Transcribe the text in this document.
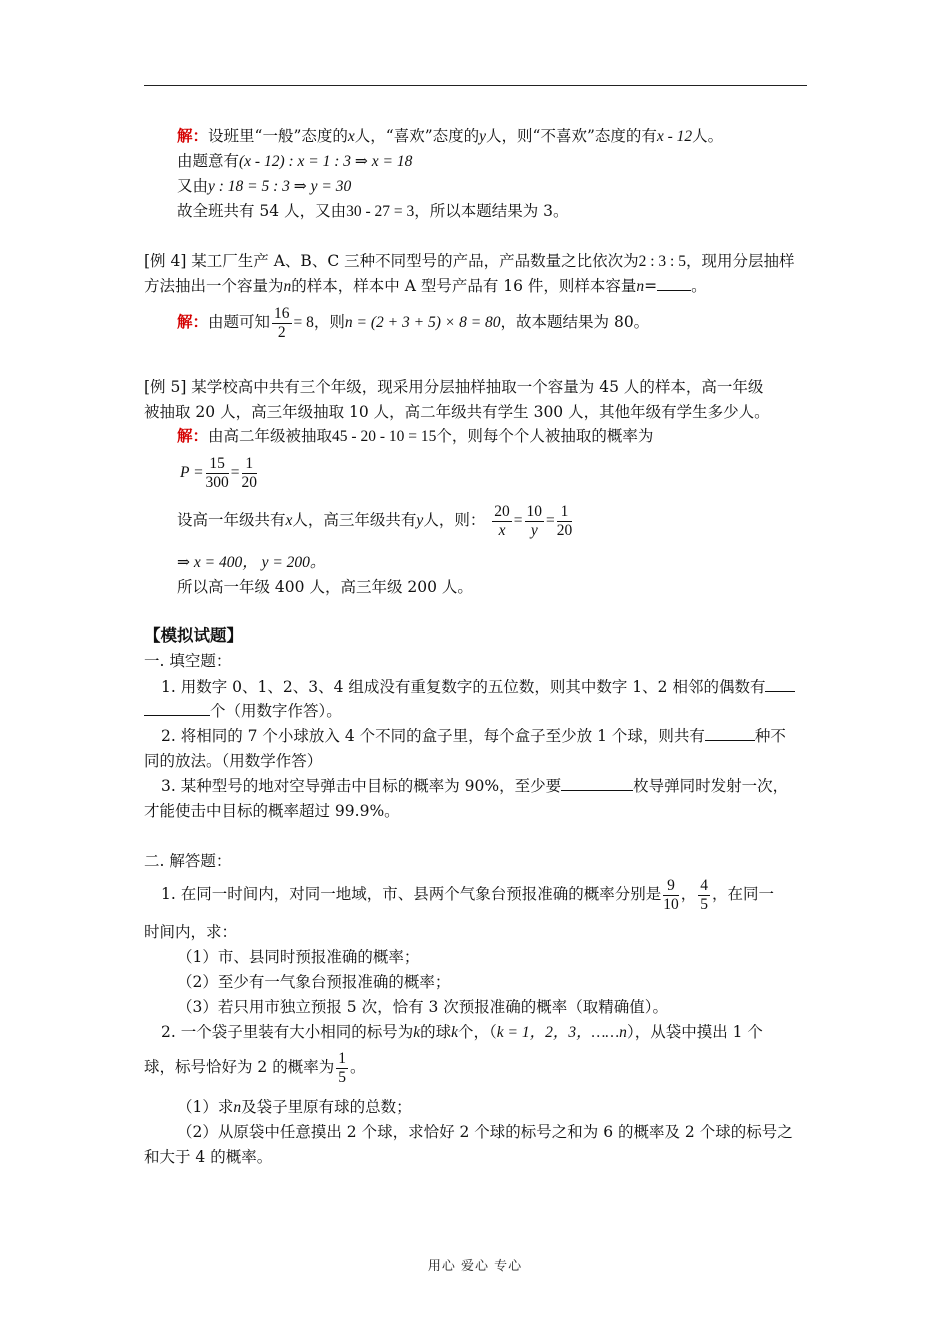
解：设班里“一般”态度的x人，“喜欢”态度的y人，则“不喜欢”态度的有x - 12人。
由题意有(x - 12) : x = 1 : 3 ⇒ x = 18
又由y : 18 = 5 : 3 ⇒ y = 30
故全班共有 54 人，又由30 - 27 = 3，所以本题结果为 3。
[例 4] 某工厂生产 A、B、C 三种不同型号的产品，产品数量之比依次为2 : 3 : 5，现用分层抽样
方法抽出一个容量为n的样本，样本中 A 型号产品有 16 件，则样本容量n= 。
解：由题可知 $\frac{16}{2} = 8$，则n = (2 + 3 + 5) × 8 = 80，故本题结果为 80。
[例 5] 某学校高中共有三个年级，现采用分层抽样抽取一个容量为 45 人的样本，高一年级
被抽取 20 人，高三年级抽取 10 人，高二年级共有学生 300 人，其他年级有学生多少人。
解：由高二年级被抽取45 - 20 - 10 = 15个，则每个个人被抽取的概率为
$P = \frac{15}{300} = \frac{1}{20}$
设高一年级共有x人，高三年级共有y人，则： $\frac{20}{x} = \frac{10}{y} = \frac{1}{20}$
⇒ x = 400， y = 200。
所以高一年级 400 人，高三年级 200 人。
【模拟试题】
一. 填空题：
1. 用数字 0、1、2、3、4 组成没有重复数字的五位数，则其中数字 1、2 相邻的偶数有
个（用数字作答）。
2. 将相同的 7 个小球放入 4 个不同的盒子里，每个盒子至少放 1 个球，则共有	种不
同的放法。（用数学作答）
3. 某种型号的地对空导弹击中目标的概率为 90%，至少要	枚导弹同时发射一次，
才能使击中目标的概率超过 99.9%。
二. 解答题：
1. 在同一时间内，对同一地域，市、县两个气象台预报准确的概率分别是 $\frac{9}{10}$ ， $\frac{4}{5}$ ，在同一
时间内，求：
（1）市、县同时预报准确的概率；
（2）至少有一气象台预报准确的概率；
（3）若只用市独立预报 5 次，恰有 3 次预报准确的概率（取精确值）。
2. 一个袋子里装有大小相同的标号为k的球k个，（k = 1，2，3，……n），从袋中摸出 1 个
球，标号恰好为 2 的概率为 $\frac{1}{5}$ 。
（1）求n及袋子里原有球的总数；
（2）从原袋中任意摸出 2 个球，求恰好 2 个球的标号之和为 6 的概率及 2 个球的标号之
和大于 4 的概率。
用心 爱心 专心
